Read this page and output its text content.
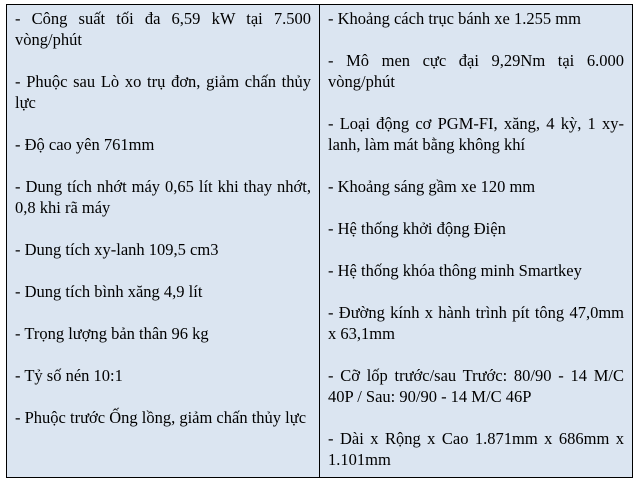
- Công suất tối đa 6,59 kW tại 7.500 vòng/phút

- Phuộc sau Lò xo trụ đơn, giảm chấn thủy lực

- Độ cao yên 761mm

- Dung tích nhớt máy 0,65 lít khi thay nhớt, 0,8 khi rã máy

- Dung tích xy-lanh 109,5 cm3

- Dung tích bình xăng 4,9 lít

- Trọng lượng bản thân 96 kg

- Tỷ số nén 10:1

- Phuộc trước Ống lồng, giảm chấn thủy lực

- Khoảng cách trục bánh xe 1.255 mm

- Mô men cực đại 9,29Nm tại 6.000 vòng/phút

- Loại động cơ PGM-FI, xăng, 4 kỳ, 1 xy-lanh, làm mát bằng không khí

- Khoảng sáng gầm xe 120 mm

- Hệ thống khởi động Điện

- Hệ thống khóa thông minh Smartkey

- Đường kính x hành trình pít tông 47,0mm x 63,1mm

- Cỡ lốp trước/sau Trước: 80/90 - 14 M/C 40P / Sau: 90/90 - 14 M/C 46P

- Dài x Rộng x Cao 1.871mm x 686mm x 1.101mm
